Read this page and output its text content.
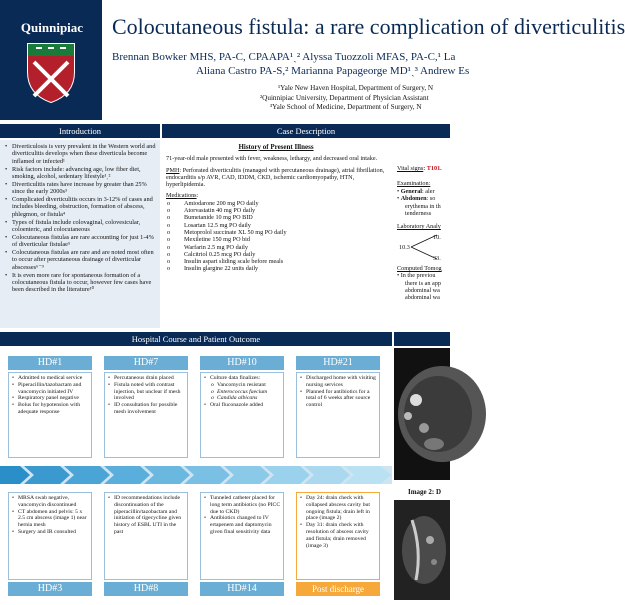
Quinnipiac	Colocutaneous fistula: a rare complication of diverticulitis
Brennan Bowker MHS, PA-C, CPAAPA¹ˎ² Alyssa Tuozzoli MFAS, PA-C,¹ La
Aliana Castro PA-S,² Marianna Papageorge MD¹ˎ³ Andrew Es
¹Yale New Haven Hospital, Department of Surgery, N
²Quinnipiac University, Department of Physician Assistant
³Yale School of Medicine, Department of Surgery, N
Introduction	Case Description
Hospital Course and Patient Outcome
• Diverticulosis is very prevalent in the Western world and diverticulitis develops when these diverticula become inflamed or infected¹
• Risk factors include: advancing age, low fiber diet, smoking, alcohol, sedentary lifestyle¹ˎ²
• Diverticulitis rates have increase by greater than 25% since the early 2000s³
• Complicated diverticulitis occurs in 3-12% of cases and includes bleeding, obstruction, formation of abscess, phlegmon, or fistula⁴
• Types of fistula include colovaginal, colovesicular, coloenteric, and colocutaneous
• Colocutaneous fistulas are rare accounting for just 1-4% of diverticular fistulae⁵
• Colocutaneous fistulas are rare and are noted most often to occur after percutaneous drainage of diverticular abscesses⁶⁻⁹
• It is even more rare for spontaneous formation of a colocutaneous fistula to occur, however few cases have been described in the literature¹⁰
History of Present Illness
71-year-old male presented with fever, weakness, lethargy, and decreased oral intake.
PMH: Perforated diverticulitis (managed with percutaneous drainage), atrial fibrillation, endocarditis s/p AVR, CAD, IDDM, CKD, ischemic cardiomyopathy, HTN, hyperlipidemia.
Medications:
o Amiodarone 200 mg PO daily
o Atorvastatin 40 mg PO daily
o Bumetanide 10 mg PO BID
o Losartan 12.5 mg PO daily
o Metoprolol succinate XL 50 mg PO daily
o Mexiletine 150 mg PO bid
o Warfarin 2.5 mg PO daily
o Calcitriol 0.25 mcg PO daily
o Insulin aspart sliding scale before meals
o Insulin glargine 22 units daily
Vital signs: T101.
Examination:
• General: aler
• Abdomen: so
erythema in th
tenderness
Laboratory Analy
10.
10.3
33.
Computed Tomog
• In the previou
there is an app
abdominal wa
abdominal wa
HD#1	HD#7	HD#10	HD#21
• Admitted to medical service
• Piperacillin/tazobactam and vancomycin initiated IV
• Respiratory panel negative
• Bolus for hypotension with adequate response
• Percutaneous drain placed
• Fistula noted with contrast injection, but unclear if mesh involved
• ID consultation for possible mesh involvement
• Culture data finalizes:
o Vancomycin resistant
o Enterococcus faecium
o Candida albicans
• Oral fluconazole added
• Discharged home with visiting nursing services
• Planned for antibiotics for a total of 6 weeks after source control
• MRSA swab negative, vancomycin discontinued
• CT abdomen and pelvis: 5 x 2.5 cm abscess (image 1) near hernia mesh
• Surgery and IR consulted
• ID recommendations include discontinuation of the piperacillin/tazobactam and initiation of tigecycline given history of ESBL UTI in the past
• Tunneled catheter placed for long term antibiotics (no PICC due to CKD)
• Antibiotics changed to IV ertapenem and daptomycin given final sensitivity data
• Day 24: drain check with collapsed abscess cavity but ongoing fistula; drain left in place (image 2)
• Day 31: drain check with resolution of abscess cavity and fistula; drain removed (image 3)
HD#3	HD#8	HD#14	Post discharge
Image 2: D
